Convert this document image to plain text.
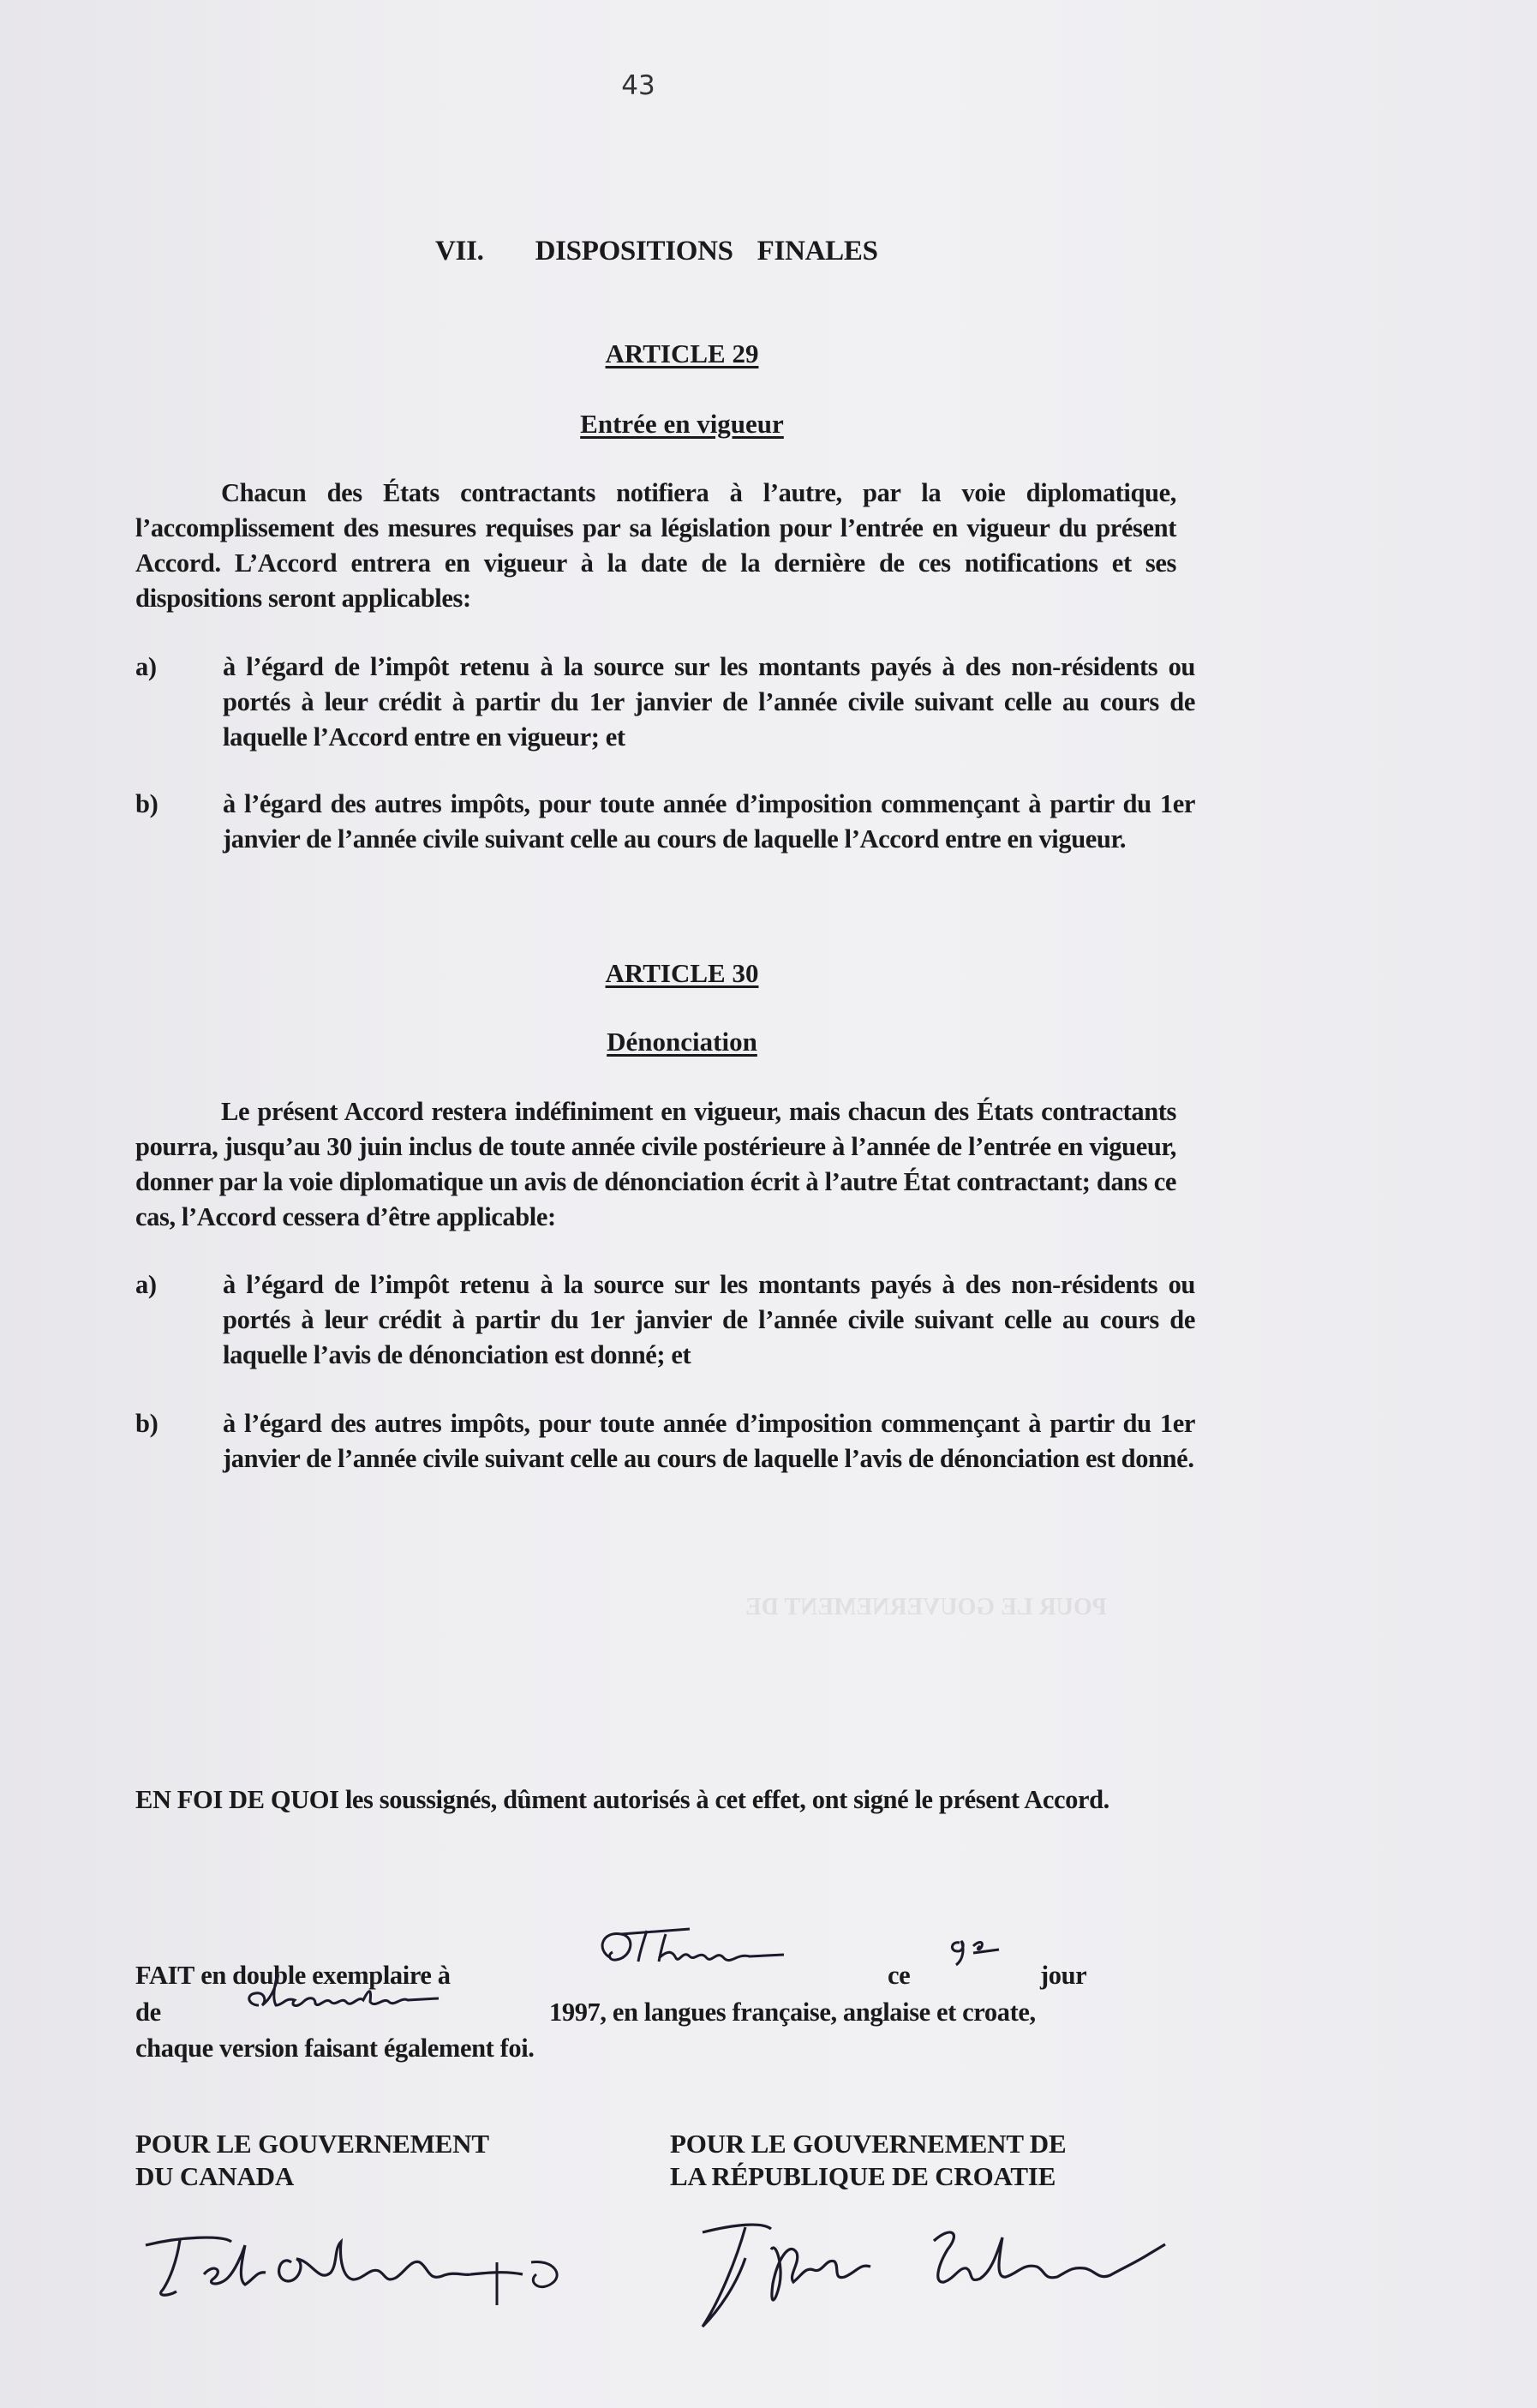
POUR LE GOUVERNEMENT DE
43
VII. DISPOSITIONS FINALES
ARTICLE 29
Entrée en vigueur
Chacun des États contractants notifiera à l’autre, par la voie diplomatique, l’accomplissement des mesures requises par sa législation pour l’entrée en vigueur du présent Accord. L’Accord entrera en vigueur à la date de la dernière de ces notifications et ses dispositions seront applicables:
a)	à l’égard de l’impôt retenu à la source sur les montants payés à des non-résidents ou portés à leur crédit à partir du 1er janvier de l’année civile suivant celle au cours de laquelle l’Accord entre en vigueur; et
b) à l’égard des autres impôts, pour toute année d’imposition commençant à partir du 1er janvier de l’année civile suivant celle au cours de laquelle l’Accord entre en vigueur.
ARTICLE 30
Dénonciation
Le présent Accord restera indéfiniment en vigueur, mais chacun des États contractants pourra, jusqu’au 30 juin inclus de toute année civile postérieure à l’année de l’entrée en vigueur, donner par la voie diplomatique un avis de dénonciation écrit à l’autre État contractant; dans ce cas, l’Accord cessera d’être applicable:
a)	à l’égard de l’impôt retenu à la source sur les montants payés à des non-résidents ou portés à leur crédit à partir du 1er janvier de l’année civile suivant celle au cours de laquelle l’avis de dénonciation est donné; et
b) à l’égard des autres impôts, pour toute année d’imposition commençant à partir du 1er janvier de l’année civile suivant celle au cours de laquelle l’avis de dénonciation est donné.
EN FOI DE QUOI les soussignés, dûment autorisés à cet effet, ont signé le présent Accord.
FAIT en double exemplaire à	ce	jour
de	1997, en langues française, anglaise et croate,
chaque version faisant également foi.
POUR LE GOUVERNEMENT
DU CANADA
POUR LE GOUVERNEMENT DE
LA RÉPUBLIQUE DE CROATIE
